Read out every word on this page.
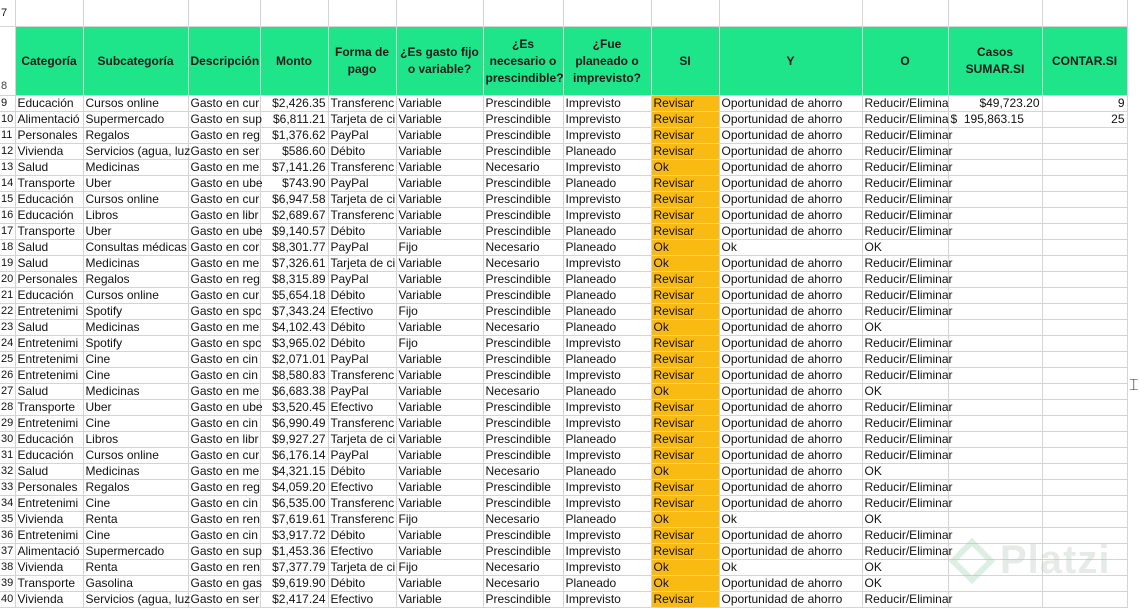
7													
8	Categoría	Subcategoría	Descripción	Monto	Forma de pago	¿Es gasto fijo o variable?	¿Es necesario o prescindible?	¿Fue planeado o imprevisto?	SI	Y	O	Casos SUMAR.SI	CONTAR.SI
9	Educación	Cursos online	Gasto en cur	$2,426.35	Transferenc	Variable	Prescindible	Imprevisto	Revisar	Oportunidad de ahorro	Reducir/Elimina	$49,723.20	9
10	Alimentació	Supermercado	Gasto en sup	$6,811.21	Tarjeta de ci	Variable	Prescindible	Imprevisto	Revisar	Oportunidad de ahorro	Reducir/Elimina	$  195,863.15	25
11	Personales	Regalos	Gasto en reg	$1,376.62	PayPal	Variable	Prescindible	Imprevisto	Revisar	Oportunidad de ahorro	Reducir/Eliminar		
12	Vivienda	Servicios (agua, luz	Gasto en ser	$586.60	Débito	Variable	Prescindible	Planeado	Revisar	Oportunidad de ahorro	Reducir/Eliminar		
13	Salud	Medicinas	Gasto en me	$7,141.26	Transferenc	Variable	Necesario	Imprevisto	Ok	Oportunidad de ahorro	Reducir/Eliminar		
14	Transporte	Uber	Gasto en ube	$743.90	PayPal	Variable	Prescindible	Planeado	Revisar	Oportunidad de ahorro	Reducir/Eliminar		
15	Educación	Cursos online	Gasto en cur	$6,947.58	Tarjeta de ci	Variable	Prescindible	Imprevisto	Revisar	Oportunidad de ahorro	Reducir/Eliminar		
16	Educación	Libros	Gasto en libr	$2,689.67	Transferenc	Variable	Prescindible	Imprevisto	Revisar	Oportunidad de ahorro	Reducir/Eliminar		
17	Transporte	Uber	Gasto en ube	$9,140.57	Débito	Variable	Prescindible	Planeado	Revisar	Oportunidad de ahorro	Reducir/Eliminar		
18	Salud	Consultas médicas	Gasto en cor	$8,301.77	PayPal	Fijo	Necesario	Planeado	Ok	Ok	OK		
19	Salud	Medicinas	Gasto en me	$7,326.61	Tarjeta de ci	Variable	Necesario	Imprevisto	Ok	Oportunidad de ahorro	Reducir/Eliminar		
20	Personales	Regalos	Gasto en reg	$8,315.89	PayPal	Variable	Prescindible	Planeado	Revisar	Oportunidad de ahorro	Reducir/Eliminar		
21	Educación	Cursos online	Gasto en cur	$5,654.18	Débito	Variable	Prescindible	Planeado	Revisar	Oportunidad de ahorro	Reducir/Eliminar		
22	Entretenimi	Spotify	Gasto en spc	$7,343.24	Efectivo	Fijo	Prescindible	Planeado	Revisar	Oportunidad de ahorro	Reducir/Eliminar		
23	Salud	Medicinas	Gasto en me	$4,102.43	Débito	Variable	Necesario	Planeado	Ok	Oportunidad de ahorro	OK		
24	Entretenimi	Spotify	Gasto en spc	$3,965.02	Débito	Fijo	Prescindible	Imprevisto	Revisar	Oportunidad de ahorro	Reducir/Eliminar		
25	Entretenimi	Cine	Gasto en cin	$2,071.01	PayPal	Variable	Prescindible	Planeado	Revisar	Oportunidad de ahorro	Reducir/Eliminar		
26	Entretenimi	Cine	Gasto en cin	$8,580.83	Transferenc	Variable	Prescindible	Imprevisto	Revisar	Oportunidad de ahorro	Reducir/Eliminar		
27	Salud	Medicinas	Gasto en me	$6,683.38	PayPal	Variable	Necesario	Planeado	Ok	Oportunidad de ahorro	OK		
28	Transporte	Uber	Gasto en ube	$3,520.45	Efectivo	Variable	Prescindible	Imprevisto	Revisar	Oportunidad de ahorro	Reducir/Eliminar		
29	Entretenimi	Cine	Gasto en cin	$6,990.49	Transferenc	Variable	Prescindible	Imprevisto	Revisar	Oportunidad de ahorro	Reducir/Eliminar		
30	Educación	Libros	Gasto en libr	$9,927.27	Tarjeta de ci	Variable	Prescindible	Planeado	Revisar	Oportunidad de ahorro	Reducir/Eliminar		
31	Educación	Cursos online	Gasto en cur	$6,176.14	PayPal	Variable	Prescindible	Imprevisto	Revisar	Oportunidad de ahorro	Reducir/Eliminar		
32	Salud	Medicinas	Gasto en me	$4,321.15	Débito	Variable	Necesario	Planeado	Ok	Oportunidad de ahorro	OK		
33	Personales	Regalos	Gasto en reg	$4,059.20	Efectivo	Variable	Prescindible	Imprevisto	Revisar	Oportunidad de ahorro	Reducir/Eliminar		
34	Entretenimi	Cine	Gasto en cin	$6,535.00	Transferenc	Variable	Prescindible	Imprevisto	Revisar	Oportunidad de ahorro	Reducir/Eliminar		
35	Vivienda	Renta	Gasto en ren	$7,619.61	Transferenc	Fijo	Necesario	Planeado	Ok	Ok	OK		
36	Entretenimi	Cine	Gasto en cin	$3,917.72	Débito	Variable	Prescindible	Imprevisto	Revisar	Oportunidad de ahorro	Reducir/Eliminar		
37	Alimentació	Supermercado	Gasto en sup	$1,453.36	Efectivo	Variable	Prescindible	Imprevisto	Revisar	Oportunidad de ahorro	Reducir/Eliminar		
38	Vivienda	Renta	Gasto en ren	$7,377.79	Tarjeta de ci	Fijo	Necesario	Imprevisto	Ok	Ok	OK		
39	Transporte	Gasolina	Gasto en gas	$9,619.90	Débito	Variable	Necesario	Planeado	Ok	Oportunidad de ahorro	OK		
40	Vivienda	Servicios (agua, luz	Gasto en ser	$2,417.24	Efectivo	Variable	Prescindible	Imprevisto	Revisar	Oportunidad de ahorro	Reducir/Eliminar		
⌶
Platzi
